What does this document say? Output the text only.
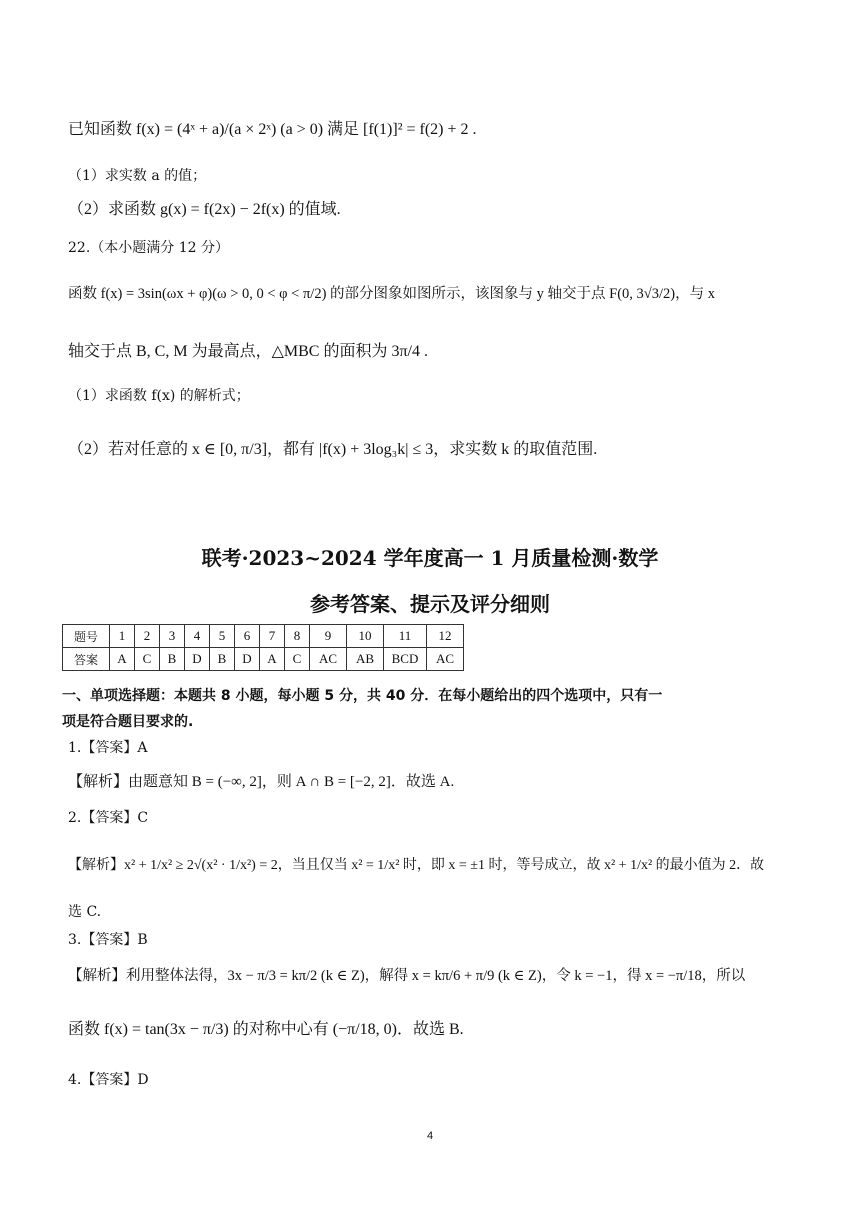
已知函数 f(x) = (4ˣ + a)/(a × 2ˣ) (a > 0) 满足 [f(1)]² = f(2) + 2 .
（1）求实数 a 的值；
（2）求函数 g(x) = f(2x) − 2f(x) 的值域.
22.（本小题满分 12 分）
函数 f(x) = 3sin(ωx + φ)(ω > 0, 0 < φ < π/2) 的部分图象如图所示，该图象与 y 轴交于点 F(0, 3√3/2)，与 x
轴交于点 B, C, M 为最高点，△MBC 的面积为 3π/4 .
（1）求函数 f(x) 的解析式；
（2）若对任意的 x ∈ [0, π/3]，都有 |f(x) + 3log₃k| ≤ 3，求实数 k 的取值范围.
联考·2023~2024 学年度高一 1 月质量检测·数学
参考答案、提示及评分细则
题号	1	2	3	4	5	6	7	8	9	10	11	12
答案	A	C	B	D	B	D	A	C	AC	AB	BCD	AC
一、单项选择题：本题共 8 小题，每小题 5 分，共 40 分．在每小题给出的四个选项中，只有一
项是符合题目要求的.
1.【答案】A
【解析】由题意知 B = (−∞, 2]，则 A ∩ B = [−2, 2]．故选 A.
2.【答案】C
【解析】x² + 1/x² ≥ 2√(x² · 1/x²) = 2，当且仅当 x² = 1/x² 时，即 x = ±1 时，等号成立，故 x² + 1/x² 的最小值为 2．故
选 C.
3.【答案】B
【解析】利用整体法得，3x − π/3 = kπ/2 (k ∈ Z)，解得 x = kπ/6 + π/9 (k ∈ Z)，令 k = −1，得 x = −π/18，所以
函数 f(x) = tan(3x − π/3) 的对称中心有 (−π/18, 0)．故选 B.
4.【答案】D
4
